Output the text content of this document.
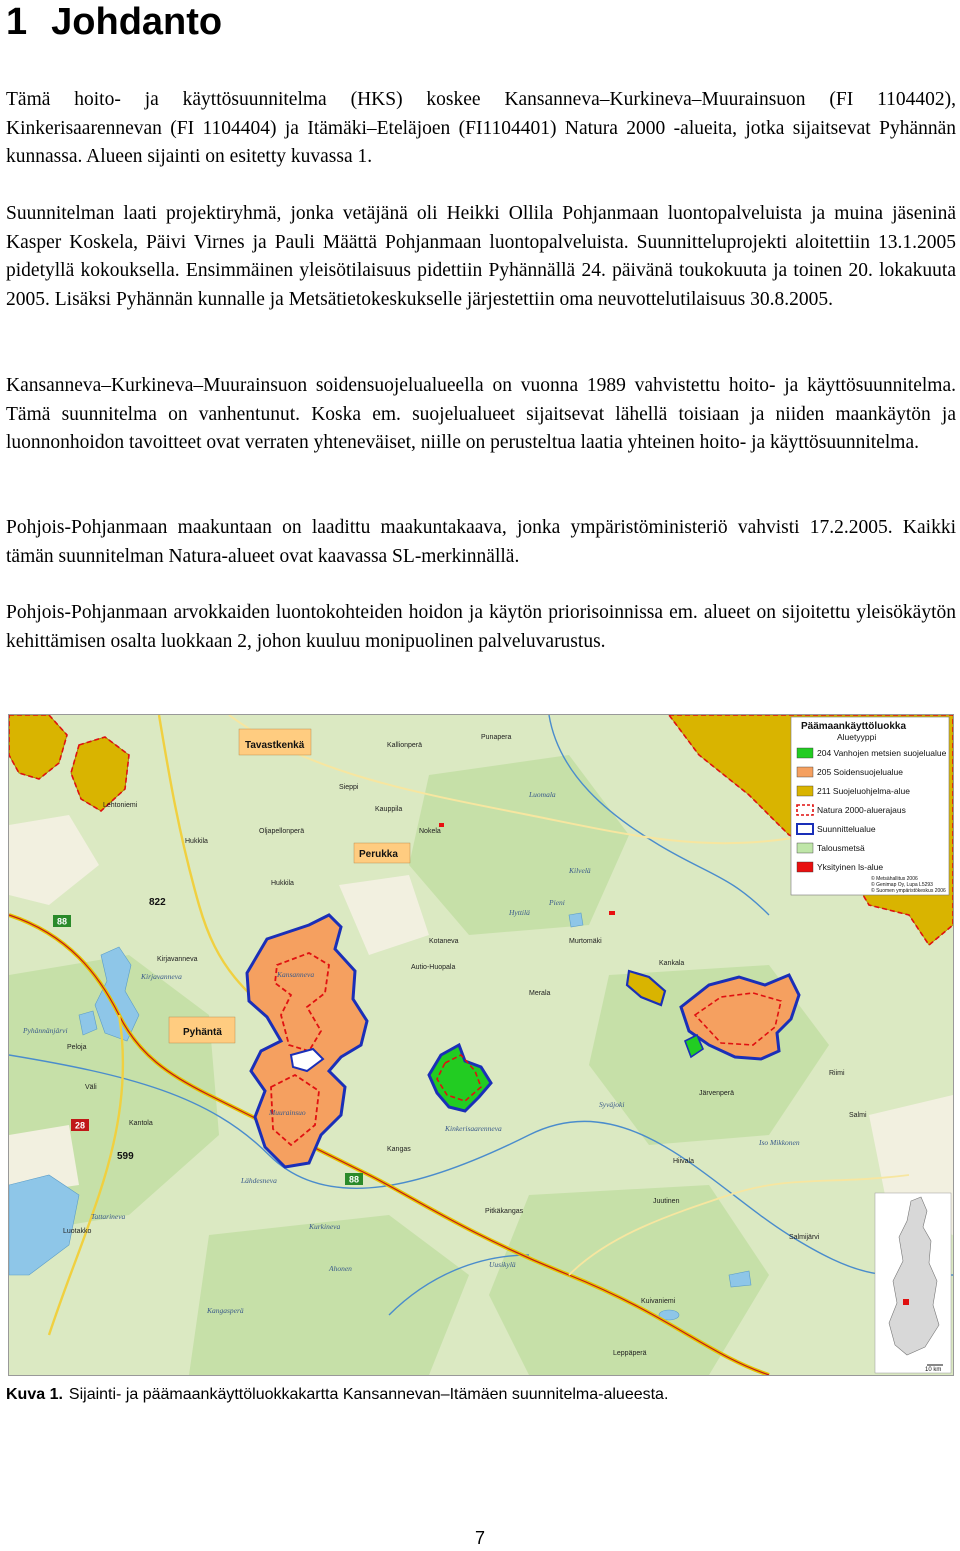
1 Johdanto

Tämä hoito- ja käyttösuunnitelma (HKS) koskee Kansanneva–Kurkineva–Muurainsuon (FI 1104402), Kinkerisaarennevan (FI 1104404) ja Itämäki–Eteläjoen (FI1104401) Natura 2000 -alueita, jotka sijaitsevat Pyhännän kunnassa. Alueen sijainti on esitetty kuvassa 1.

Suunnitelman laati projektiryhmä, jonka vetäjänä oli Heikki Ollila Pohjanmaan luontopalveluista ja muina jäseninä Kasper Koskela, Päivi Virnes ja Pauli Määttä Pohjanmaan luontopalveluista. Suunnitteluprojekti aloitettiin 13.1.2005 pidetyllä kokouksella. Ensimmäinen yleisötilaisuus pidettiin Pyhännällä 24. päivänä toukokuuta ja toinen 20. lokakuuta 2005. Lisäksi Pyhännän kunnalle ja Metsätietokeskukselle järjestettiin oma neuvottelutilaisuus 30.8.2005.

Kansanneva–Kurkineva–Muurainsuon soidensuojelualueella on vuonna 1989 vahvistettu hoito- ja käyttösuunnitelma. Tämä suunnitelma on vanhentunut. Koska em. suojelualueet sijaitsevat lähellä toisiaan ja niiden maankäytön ja luonnonhoidon tavoitteet ovat verraten yhteneväiset, niille on perusteltua laatia yhteinen hoito- ja käyttösuunnitelma.

Pohjois-Pohjanmaan maakuntaan on laadittu maakuntakaava, jonka ympäristöministeriö vahvisti 17.2.2005. Kaikki tämän suunnitelman Natura-alueet ovat kaavassa SL-merkinnällä.

Pohjois-Pohjanmaan arvokkaiden luontokohteiden hoidon ja käytön priorisoinnissa em. alueet on sijoitettu yleisökäytön kehittämisen osalta luokkaan 2, johon kuuluu monipuolinen palveluvarustus.

88
822
28
599
88
Tavastkenkä
Perukka
Pyhäntä
Kallionperä
Punapera
Kauppila
Sieppi
Nokela
Oljapellonperä
Lehtoniemi
Hukkila
Hukkila
Kirjavanneva
Kirjavanneva
Autio-Huopala
Kotaneva
Merala
Kankala
Kinkerisaarenneva
Peloja
Väli
Kantola
Kangas
Lähdesneva
Luotakko
Hiivala
Juutinen
Pitkäkangas
Salmijärvi
Kuivaniemi
Leppäperä
Järvenperä
Iso Mikkonen
Kansanneva
Kurkineva
Tattarineva
Muurainsuo
Pyhännänjärvi
Pieni
Luomala
Riimi
Salmi
Kilvelä
Murtomäki
Hyttilä
Syväjoki
Ahonen	Uusikylä
Kangasperä
Päämaankäyttöluokka
Aluetyyppi
204 Vanhojen metsien suojelualue
205 Soidensuojelualue
211 Suojeluohjelma-alue
Natura 2000-aluerajaus
Suunnittelualue
Talousmetsä
Yksityinen ls-alue
© Metsähallitus 2006
© Genimap Oy, Lupa L5293
© Suomen ympäristökeskus 2006
10 km

Kuva 1. Sijainti- ja päämaankäyttöluokkakartta Kansannevan–Itämäen suunnitelma-alueesta.

7
